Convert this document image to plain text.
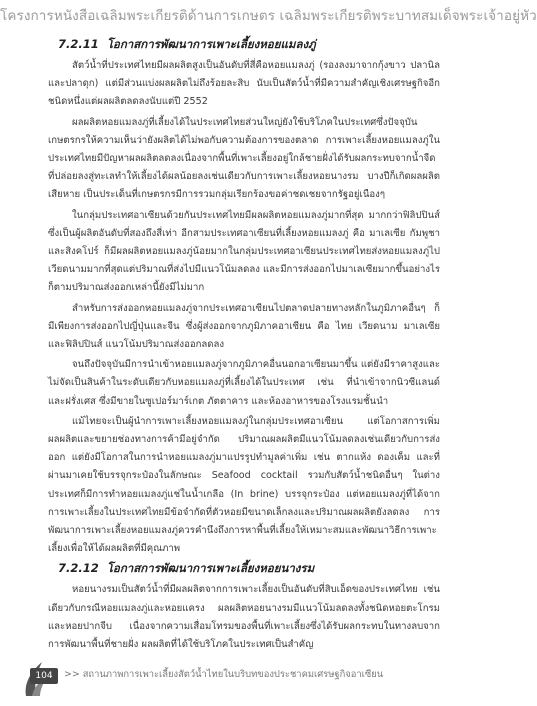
โครงการหนังสือเฉลิมพระเกียรติด้านการเกษตร เฉลิมพระเกียรติพระบาทสมเด็จพระเจ้าอยู่หัว
7.2.11 โอกาสการพัฒนาการเพาะเลี้ยงหอยแมลงภู่

สัตว์น้ำที่ประเทศไทยมีผลผลิตสูงเป็นอันดับที่สี่คือหอยแมลงภู่ (รองลงมาจากกุ้งขาว ปลานิลและปลาดุก) แต่มีส่วนแบ่งผลผลิตไม่ถึงร้อยละสิบ นับเป็นสัตว์น้ำที่มีความสำคัญเชิงเศรษฐกิจอีกชนิดหนึ่งแต่ผลผลิตลดลงนับแต่ปี 2552

ผลผลิตหอยแมลงภู่ที่เลี้ยงได้ในประเทศไทยส่วนใหญ่ยังใช้บริโภคในประเทศซึ่งปัจจุบันเกษตรกรให้ความเห็นว่ายังผลิตได้ไม่พอกับความต้องการของตลาด การเพาะเลี้ยงหอยแมลงภู่ในประเทศไทยมีปัญหาผลผลิตลดลงเนื่องจากพื้นที่เพาะเลี้ยงอยู่ใกล้ชายฝั่งได้รับผลกระทบจากน้ำจืดที่ปล่อยลงสู่ทะเลทำให้เลี้ยงได้ผลน้อยลงเช่นเดียวกับการเพาะเลี้ยงหอยนางรม บางปีก็เกิดผลผลิตเสียหาย เป็นประเด็นที่เกษตรกรมีการรวมกลุ่มเรียกร้องขอค่าชดเชยจากรัฐอยู่เนืองๆ

ในกลุ่มประเทศอาเซียนด้วยกันประเทศไทยมีผลผลิตหอยแมลงภู่มากที่สุด มากกว่าฟิลิปปินส์ซึ่งเป็นผู้ผลิตอันดับที่สองถึงสี่เท่า อีกสามประเทศอาเซียนที่เลี้ยงหอยแมลงภู่ คือ มาเลเซีย กัมพูชา และสิงคโปร์ ก็มีผลผลิตหอยแมลงภู่น้อยมากในกลุ่มประเทศอาเซียนประเทศไทยส่งหอยแมลงภู่ไปเวียดนามมากที่สุดแต่ปริมาณที่ส่งไปมีแนวโน้มลดลง และมีการส่งออกไปมาเลเซียมากขึ้นอย่างไรก็ตามปริมาณส่งออกเหล่านี้ยังมีไม่มาก

สำหรับการส่งออกหอยแมลงภู่จากประเทศอาเซียนไปตลาดปลายทางหลักในภูมิภาคอื่นๆ ก็มีเพียงการส่งออกไปญี่ปุ่นและจีน ซึ่งผู้ส่งออกจากภูมิภาคอาเซียน คือ ไทย เวียดนาม มาเลเซีย และฟิลิปปินส์ แนวโน้มปริมาณส่งออกลดลง

จนถึงปัจจุบันมีการนำเข้าหอยแมลงภู่จากภูมิภาคอื่นนอกอาเซียนมาขึ้น แต่ยังมีราคาสูงและไม่จัดเป็นสินค้าในระดับเดียวกับหอยแมลงภู่ที่เลี้ยงได้ในประเทศ เช่น ที่นำเข้าจากนิวซีแลนด์ และฝรั่งเศส ซึ่งมีขายในซูเปอร์มาร์เกต ภัตตาคาร และห้องอาหารของโรงแรมชั้นนำ

แม้ไทยจะเป็นผู้นำการเพาะเลี้ยงหอยแมลงภู่ในกลุ่มประเทศอาเซียน แต่โอกาสการเพิ่มผลผลิตและขยายช่องทางการค้ามีอยู่จำกัด ปริมาณผลผลิตมีแนวโน้มลดลงเช่นเดียวกับการส่งออก แต่ยังมีโอกาสในการนำหอยแมลงภู่มาแปรรูปทำมูลค่าเพิ่ม เช่น ตากแห้ง ดองเค็ม และที่ผ่านมาเคยใช้บรรจุกระป๋องในลักษณะ Seafood cocktail รวมกับสัตว์น้ำชนิดอื่นๆ ในต่างประเทศก็มีการทำหอยแมลงภู่แช่ในน้ำเกลือ (In brine) บรรจุกระป๋อง แต่หอยแมลงภู่ที่ได้จากการเพาะเลี้ยงในประเทศไทยมีข้อจำกัดที่ตัวหอยมีขนาดเล็กลงและปริมาณผลผลิตยังลดลง การพัฒนาการเพาะเลี้ยงหอยแมลงภู่ควรคำนึงถึงการหาพื้นที่เลี้ยงให้เหมาะสมและพัฒนาวิธีการเพาะเลี้ยงเพื่อให้ได้ผลผลิตที่มีคุณภาพ

7.2.12 โอกาสการพัฒนาการเพาะเลี้ยงหอยนางรม

หอยนางรมเป็นสัตว์น้ำที่มีผลผลิตจากการเพาะเลี้ยงเป็นอันดับที่สิบเอ็ดของประเทศไทย เช่นเดียวกับกรณีหอยแมลงภู่และหอยแครง ผลผลิตหอยนางรมมีแนวโน้มลดลงทั้งชนิดหอยตะโกรมและหอยปากจีบ เนื่องจากความเสื่อมโทรมของพื้นที่เพาะเลี้ยงซึ่งได้รับผลกระทบในทางลบจากการพัฒนาพื้นที่ชายฝั่ง ผลผลิตที่ได้ใช้บริโภคในประเทศเป็นสำคัญ

104	>> สถานภาพการเพาะเลี้ยงสัตว์น้ำไทยในบริบทของประชาคมเศรษฐกิจอาเซียน
